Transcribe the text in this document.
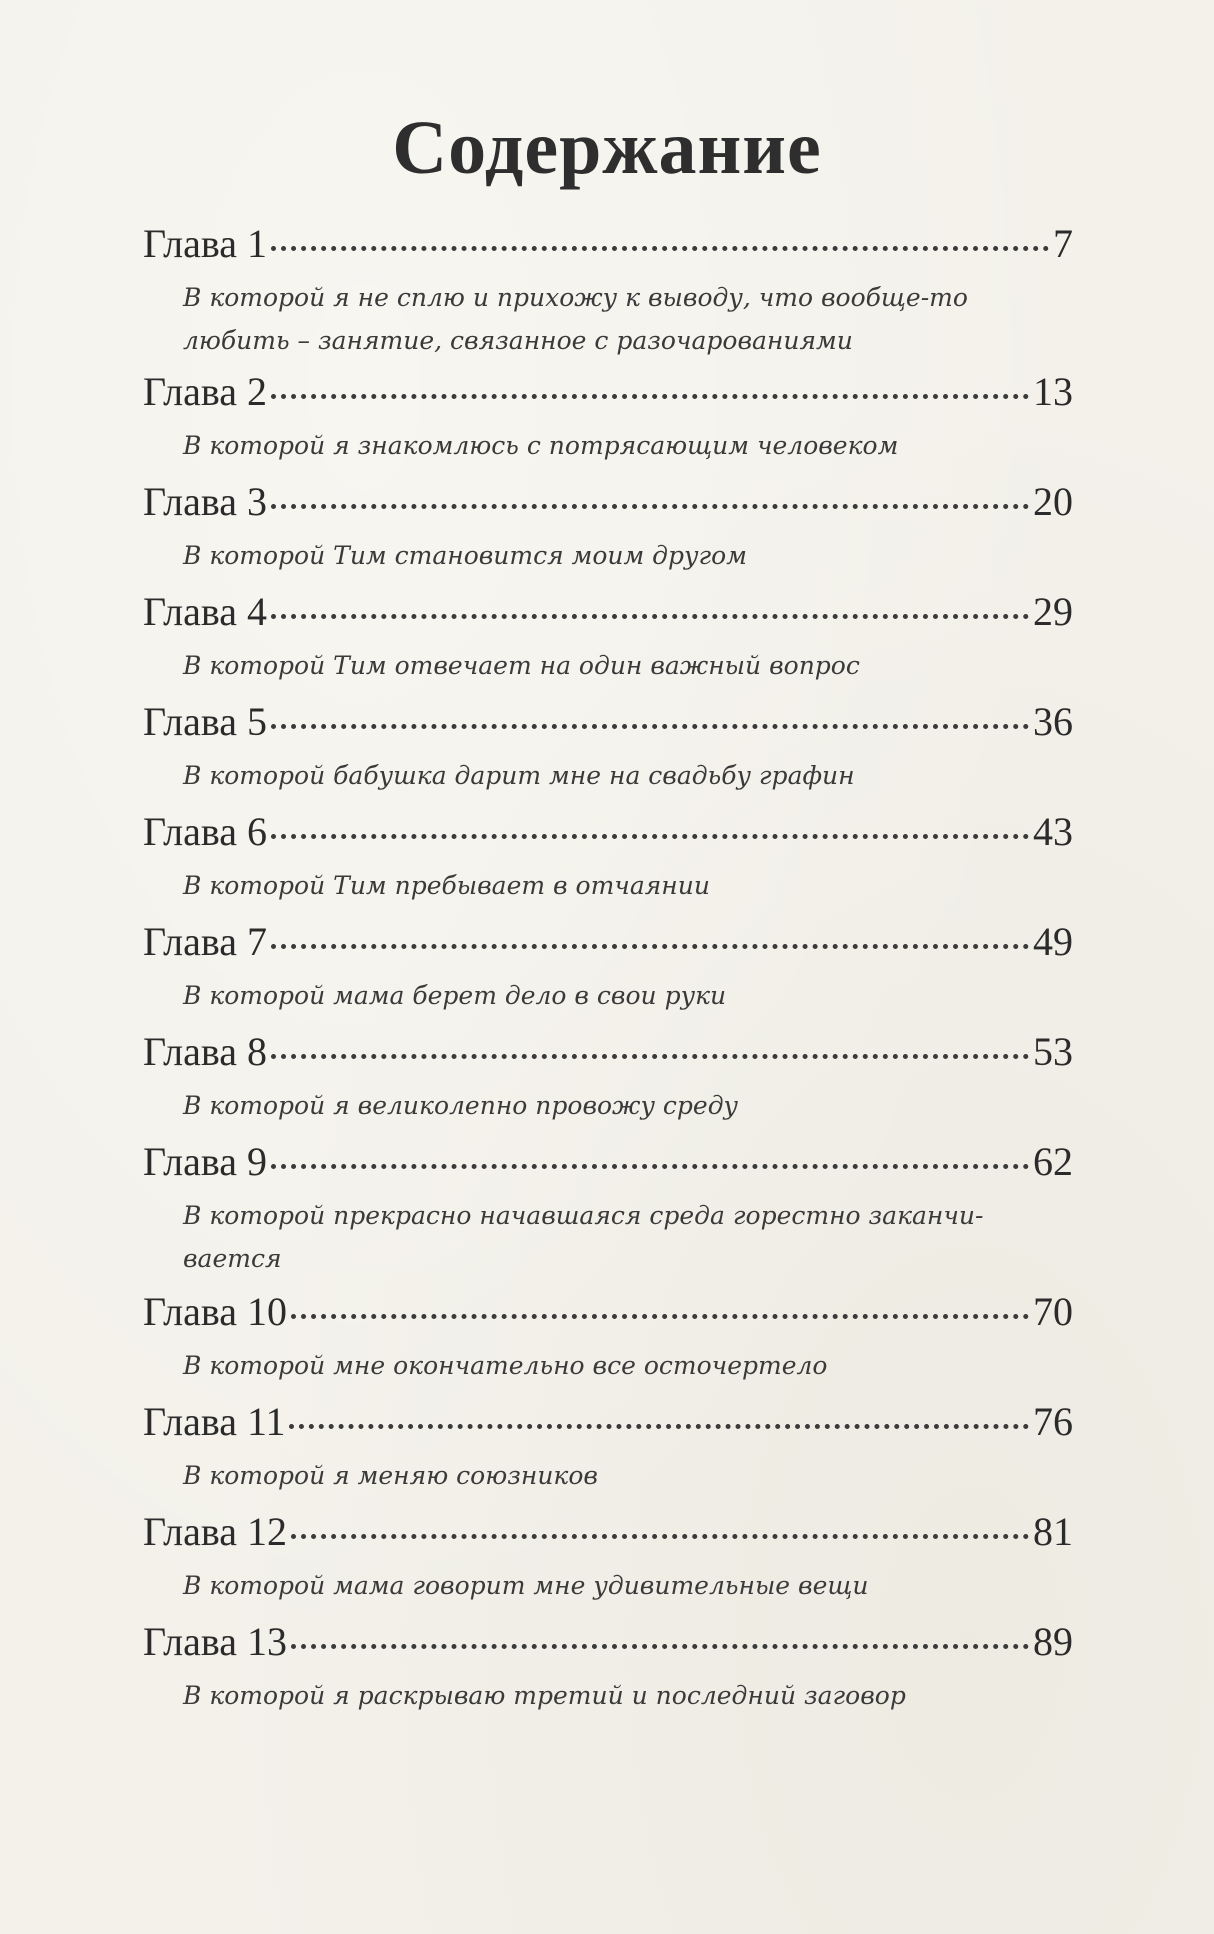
Содержание
Глава 1	7

В которой я не сплю и прихожу к выводу, что вообще-то любить – занятие, связанное с разочарованиями

Глава 2	13

В которой я знакомлюсь с потрясающим человеком

Глава 3	20

В которой Тим становится моим другом

Глава 4	29

В которой Тим отвечает на один важный вопрос

Глава 5	36

В которой бабушка дарит мне на свадьбу графин

Глава 6	43

В которой Тим пребывает в отчаянии

Глава 7	49

В которой мама берет дело в свои руки

Глава 8	53

В которой я великолепно провожу среду

Глава 9	62

В которой прекрасно начавшаяся среда горестно заканчи-вается

Глава 10	70

В которой мне окончательно все осточертело

Глава 11	76

В которой я меняю союзников

Глава 12	81

В которой мама говорит мне удивительные вещи

Глава 13	89

В которой я раскрываю третий и последний заговор
